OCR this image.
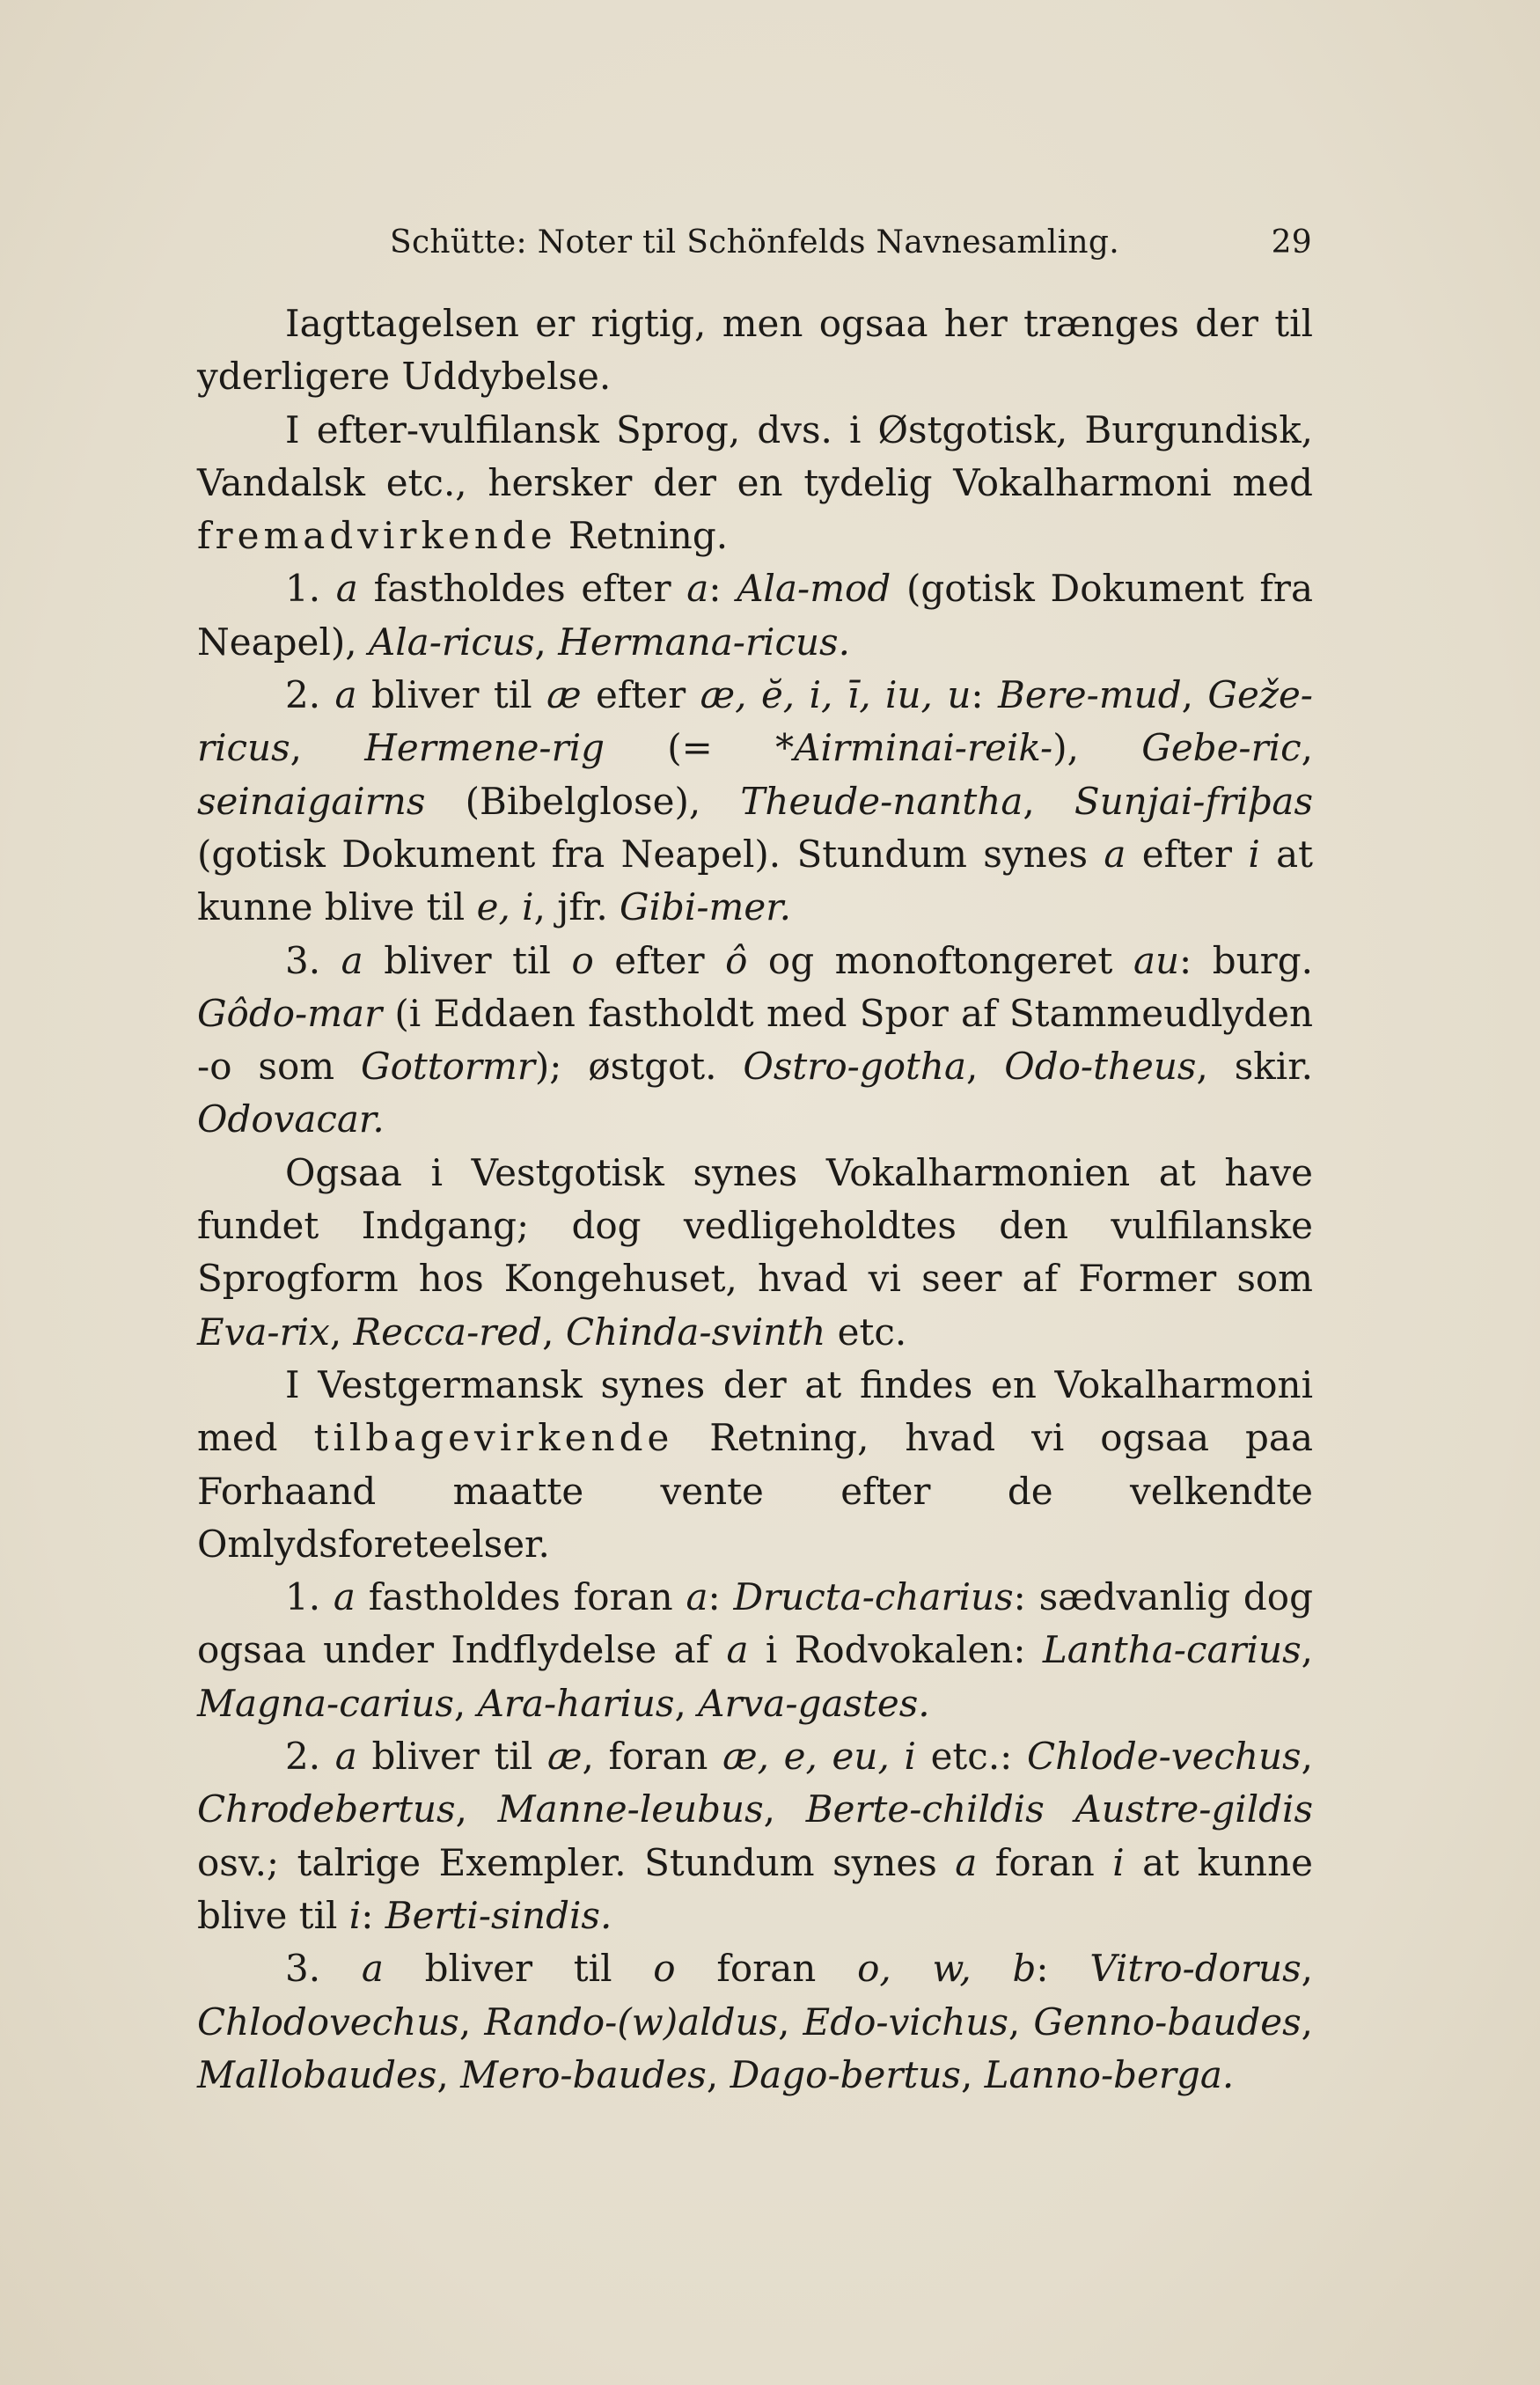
Schütte: Noter til Schönfelds Navnesamling.	29

Iagttagelsen er rigtig, men ogsaa her trænges der til yderligere Uddybelse.

I efter-vulfilansk Sprog, dvs. i Østgotisk, Burgundisk, Vandalsk etc., hersker der en tydelig Vokalharmoni med fremadvirkende Retning.

1. a fastholdes efter a: Ala-mod (gotisk Dokument fra Neapel), Ala-ricus, Hermana-ricus.

2. a bliver til æ efter æ, ĕ, i, ī, iu, u: Bere-mud, Geže-ricus, Hermene-rig (= *Airminai-reik-), Gebe-ric, seinaigairns (Bibelglose), Theude-nantha, Sunjai-friþas (gotisk Dokument fra Neapel). Stundum synes a efter i at kunne blive til e, i, jfr. Gibi-mer.

3. a bliver til o efter ô og monoftongeret au: burg. Gôdo-mar (i Eddaen fastholdt med Spor af Stammeudlyden -o som Gottormr); østgot. Ostro-gotha, Odo-theus, skir. Odovacar.

Ogsaa i Vestgotisk synes Vokalharmonien at have fundet Indgang; dog vedligeholdtes den vulfilanske Sprogform hos Kongehuset, hvad vi seer af Former som Eva-rix, Recca-red, Chinda-svinth etc.

I Vestgermansk synes der at findes en Vokalharmoni med tilbagevirkende Retning, hvad vi ogsaa paa Forhaand maatte vente efter de velkendte Omlydsforeteelser.

1. a fastholdes foran a: Dructa-charius: sædvanlig dog ogsaa under Indflydelse af a i Rodvokalen: Lantha-carius, Magna-carius, Ara-harius, Arva-gastes.

2. a bliver til æ, foran æ, e, eu, i etc.: Chlode-vechus, Chrodebertus, Manne-leubus, Berte-childis Austre-gildis osv.; talrige Exempler. Stundum synes a foran i at kunne blive til i: Berti-sindis.

3. a bliver til o foran o, w, b: Vitro-dorus, Chlodovechus, Rando-(w)aldus, Edo-vichus, Genno-baudes, Mallobaudes, Mero-baudes, Dago-bertus, Lanno-berga.
